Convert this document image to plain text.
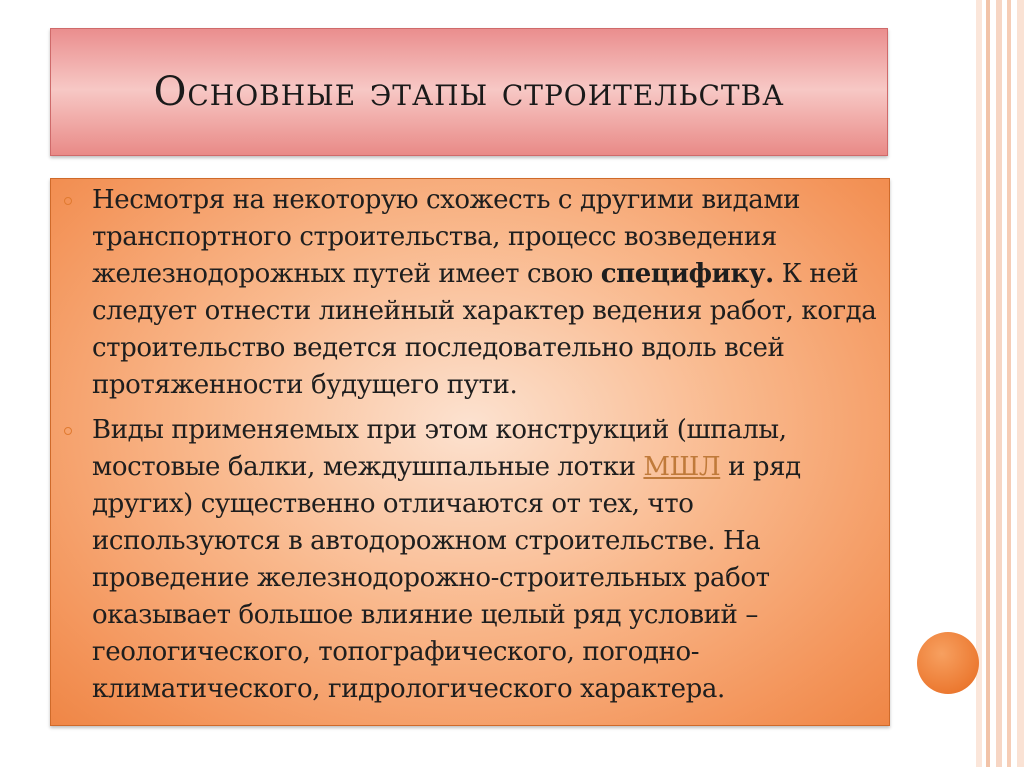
Основные этапы строительства
Несмотря на некоторую схожесть с другими видами транспортного строительства, процесс возведения железнодорожных путей имеет свою специфику. К ней следует отнести линейный характер ведения работ, когда строительство ведется последовательно вдоль всей протяженности будущего пути.
Виды применяемых при этом конструкций (шпалы, мостовые балки, междушпальные лотки МШЛ и ряд других) существенно отличаются от тех, что используются в автодорожном строительстве. На проведение железнодорожно-строительных работ оказывает большое влияние целый ряд условий – геологического, топографического, погодно-климатического, гидрологического характера.
